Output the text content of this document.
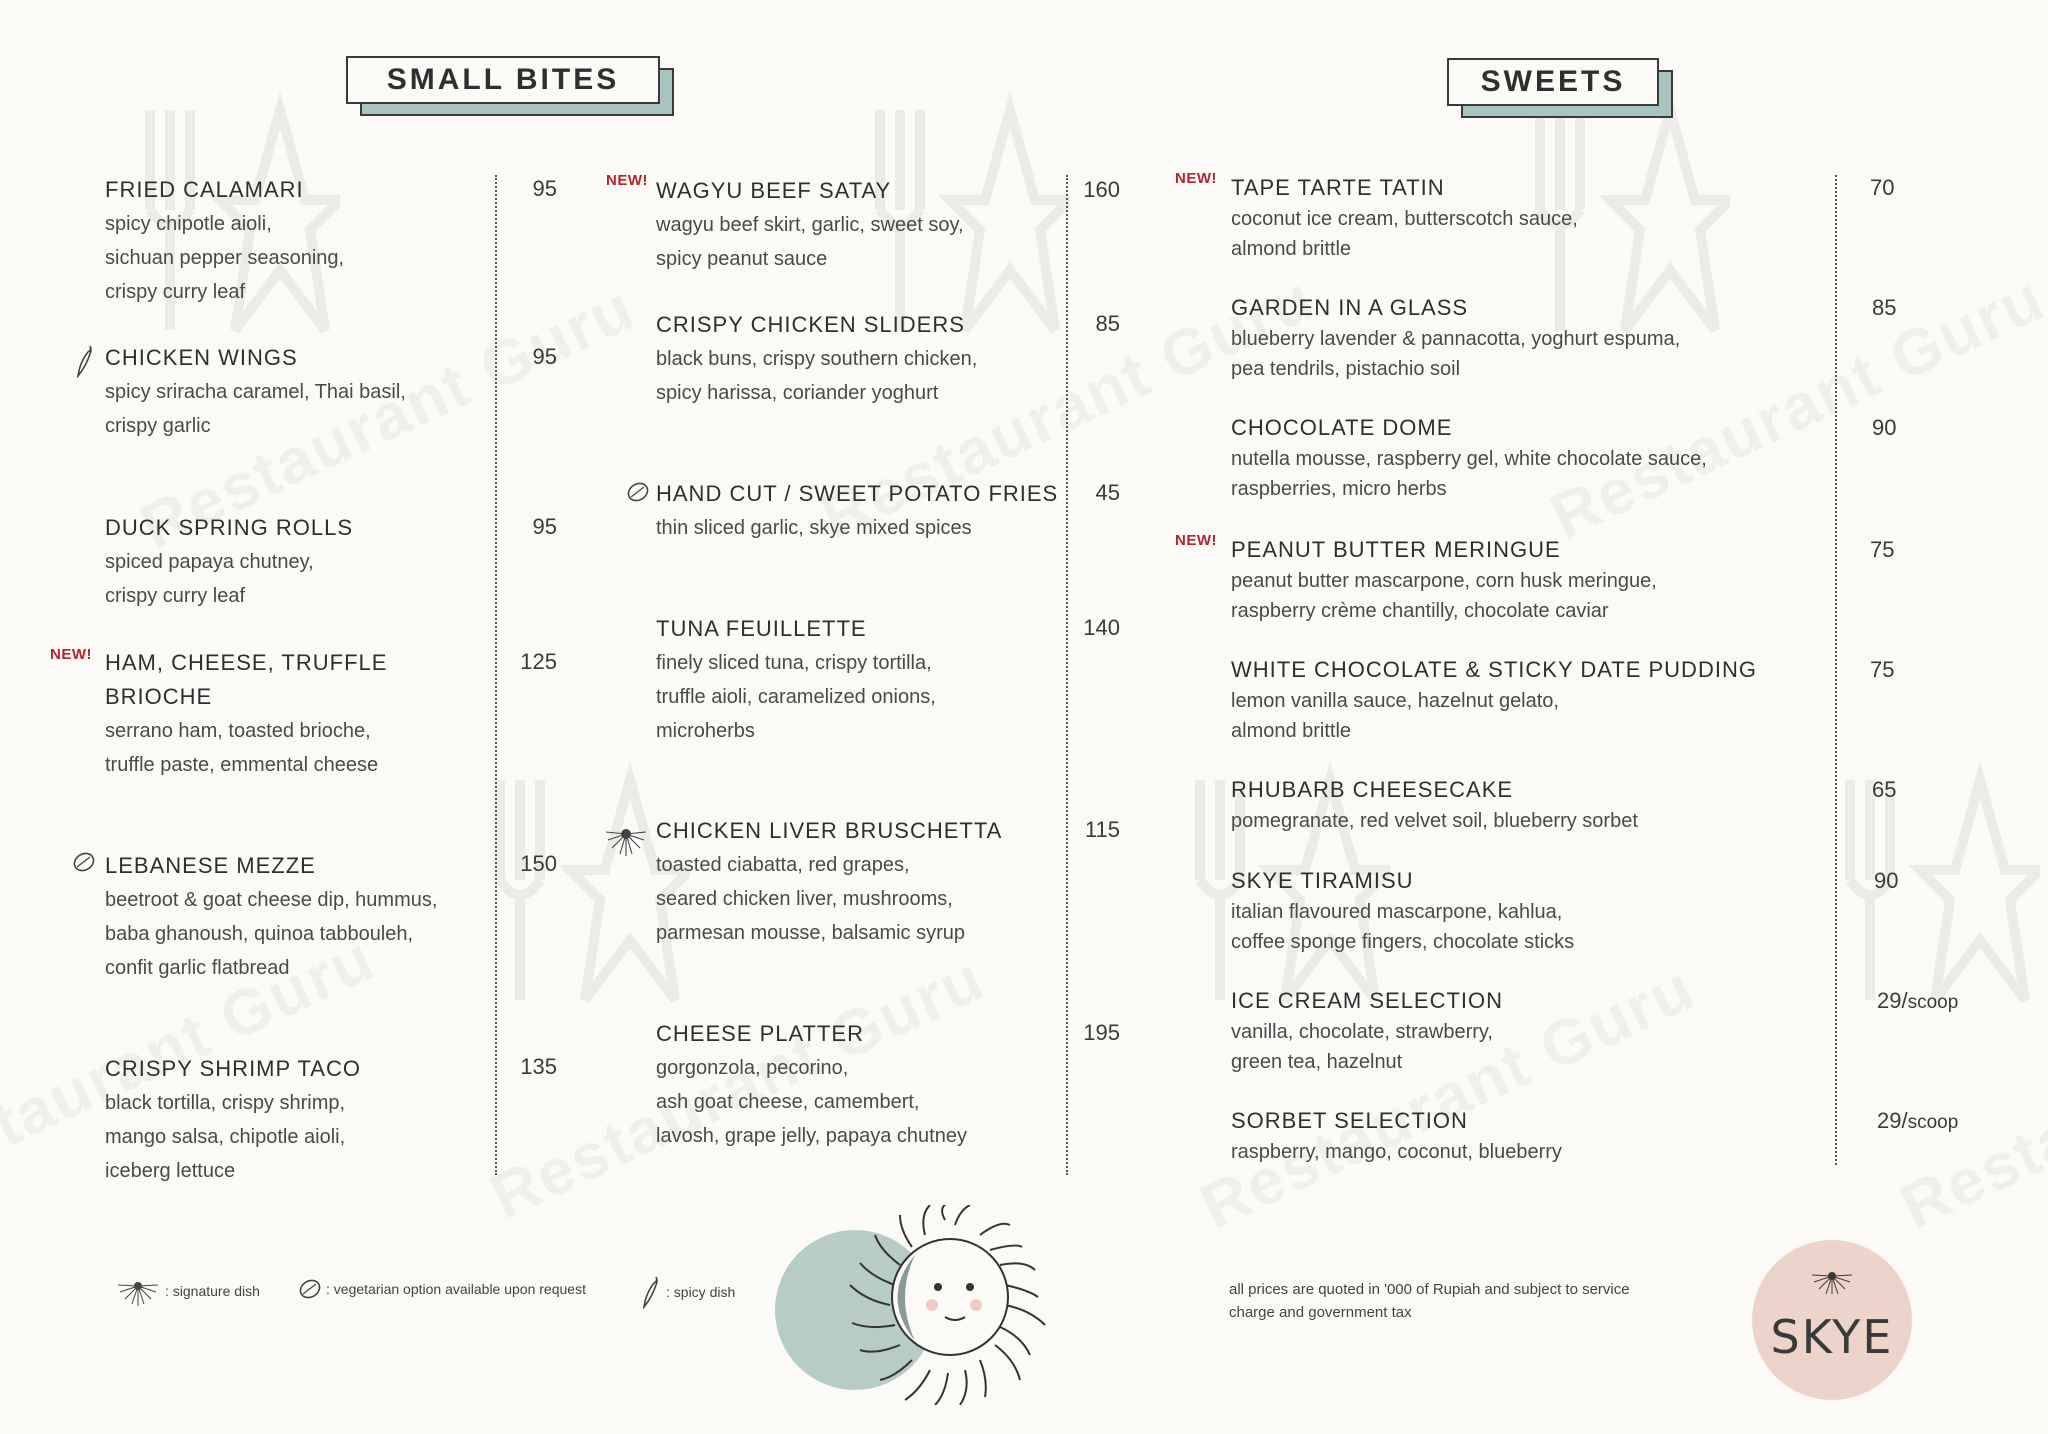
SMALL BITES	SWEETS
FRIED CALAMARI
spicy chipotle aioli,
sichuan pepper seasoning,
crispy curry leaf
95
CHICKEN WINGS
spicy sriracha caramel, Thai basil,
crispy garlic
95
DUCK SPRING ROLLS
spiced papaya chutney,
crispy curry leaf
95
NEW! HAM, CHEESE, TRUFFLE
BRIOCHE
serrano ham, toasted brioche,
truffle paste, emmental cheese
125
LEBANESE MEZZE
beetroot & goat cheese dip, hummus,
baba ghanoush, quinoa tabbouleh,
confit garlic flatbread
150
CRISPY SHRIMP TACO
black tortilla, crispy shrimp,
mango salsa, chipotle aioli,
iceberg lettuce
135
NEW! WAGYU BEEF SATAY
wagyu beef skirt, garlic, sweet soy,
spicy peanut sauce
160
CRISPY CHICKEN SLIDERS
black buns, crispy southern chicken,
spicy harissa, coriander yoghurt
85
HAND CUT / SWEET POTATO FRIES
thin sliced garlic, skye mixed spices
45
TUNA FEUILLETTE
finely sliced tuna, crispy tortilla,
truffle aioli, caramelized onions,
microherbs
140
CHICKEN LIVER BRUSCHETTA
toasted ciabatta, red grapes,
seared chicken liver, mushrooms,
parmesan mousse, balsamic syrup
115
CHEESE PLATTER
gorgonzola, pecorino,
ash goat cheese, camembert,
lavosh, grape jelly, papaya chutney
195
NEW! TAPE TARTE TATIN
coconut ice cream, butterscotch sauce,
almond brittle
70
GARDEN IN A GLASS
blueberry lavender & pannacotta, yoghurt espuma,
pea tendrils, pistachio soil
85
CHOCOLATE DOME
nutella mousse, raspberry gel, white chocolate sauce,
raspberries, micro herbs
90
NEW! PEANUT BUTTER MERINGUE
peanut butter mascarpone, corn husk meringue,
raspberry crème chantilly, chocolate caviar
75
WHITE CHOCOLATE & STICKY DATE PUDDING
lemon vanilla sauce, hazelnut gelato,
almond brittle
75
RHUBARB CHEESECAKE
pomegranate, red velvet soil, blueberry sorbet
65
SKYE TIRAMISU
italian flavoured mascarpone, kahlua,
coffee sponge fingers, chocolate sticks
90
ICE CREAM SELECTION
vanilla, chocolate, strawberry,
green tea, hazelnut
29/scoop
SORBET SELECTION
raspberry, mango, coconut, blueberry
29/scoop
: signature dish	: vegetarian option available upon request	: spicy dish	all prices are quoted in '000 of Rupiah and subject to service charge and government tax	SKYE
